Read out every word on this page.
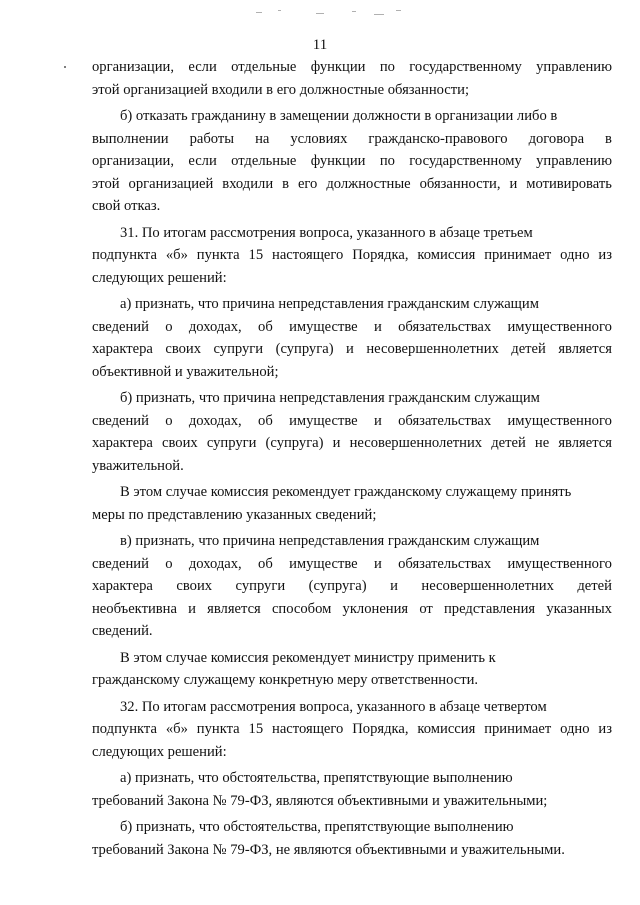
11
организации, если отдельные функции по государственному управлению
этой организацией входили в его должностные обязанности;
б) отказать гражданину в замещении должности в организации либо в
выполнении работы на условиях гражданско-правового договора в
организации, если отдельные функции по государственному управлению
этой организацией входили в его должностные обязанности, и мотивировать
свой отказ.
31. По итогам рассмотрения вопроса, указанного в абзаце третьем
подпункта «б» пункта 15 настоящего Порядка, комиссия принимает одно из
следующих решений:
а) признать, что причина непредставления гражданским служащим
сведений о доходах, об имуществе и обязательствах имущественного
характера своих супруги (супруга) и несовершеннолетних детей является
объективной и уважительной;
б) признать, что причина непредставления гражданским служащим
сведений о доходах, об имуществе и обязательствах имущественного
характера своих супруги (супруга) и несовершеннолетних детей не является
уважительной.
В этом случае комиссия рекомендует гражданскому служащему принять
меры по представлению указанных сведений;
в) признать, что причина непредставления гражданским служащим
сведений о доходах, об имуществе и обязательствах имущественного
характера своих супруги (супруга) и несовершеннолетних детей
необъективна и является способом уклонения от представления указанных
сведений.
В этом случае комиссия рекомендует министру применить к
гражданскому служащему конкретную меру ответственности.
32. По итогам рассмотрения вопроса, указанного в абзаце четвертом
подпункта «б» пункта 15 настоящего Порядка, комиссия принимает одно из
следующих решений:
а) признать, что обстоятельства, препятствующие выполнению
требований Закона № 79-ФЗ, являются объективными и уважительными;
б) признать, что обстоятельства, препятствующие выполнению
требований Закона № 79-ФЗ, не являются объективными и уважительными.
